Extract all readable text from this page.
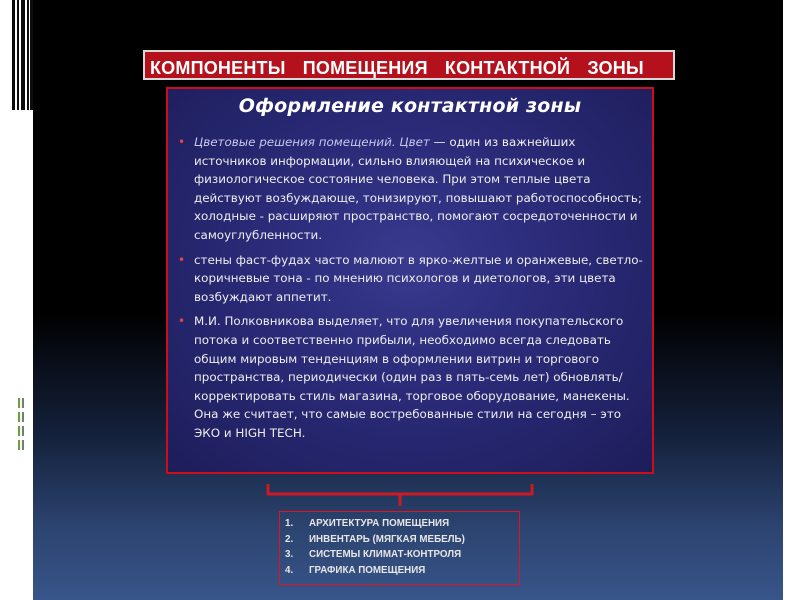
КОМПОНЕНТЫ ПОМЕЩЕНИЯ КОНТАКТНОЙ ЗОНЫ
Оформление контактной зоны
• Цветовые решения помещений. Цвет — один из важнейших источников информации, сильно влияющей на психическое и физиологическое состояние человека. При этом теплые цвета действуют возбуждающе, тонизируют, повышают работоспособность; холодные - расширяют пространство, помогают сосредоточенности и самоуглубленности.
• стены фаст-фудах часто малюют в ярко-желтые и оранжевые, светло-коричневые тона - по мнению психологов и диетологов, эти цвета возбуждают аппетит.
• М.И. Полковникова выделяет, что для увеличения покупательского потока и соответственно прибыли, необходимо всегда следовать общим мировым тенденциям в оформлении витрин и торгового пространства, периодически (один раз в пять-семь лет) обновлять/корректировать стиль магазина, торговое оборудование, манекены. Она же считает, что самые востребованные стили на сегодня – это ЭКО и HIGH TECH.
1. АРХИТЕКТУРА ПОМЕЩЕНИЯ
2. ИНВЕНТАРЬ (МЯГКАЯ МЕБЕЛЬ)
3. СИСТЕМЫ КЛИМАТ-КОНТРОЛЯ
4. ГРАФИКА ПОМЕЩЕНИЯ
